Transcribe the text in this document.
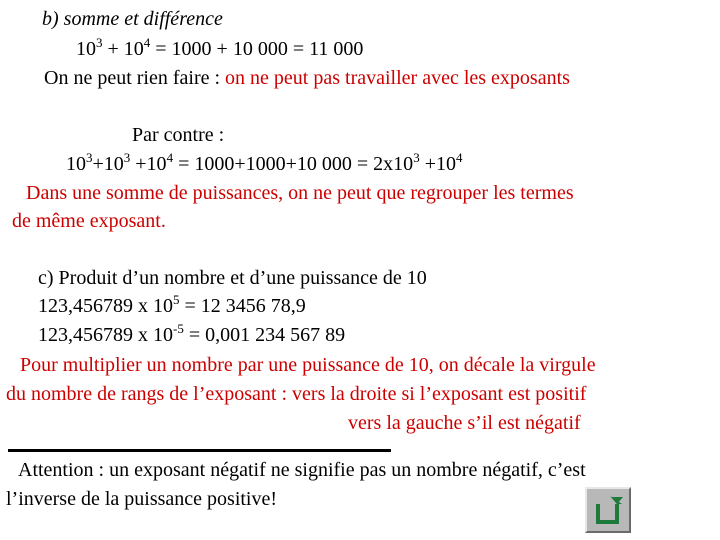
b) somme et différence
$10^3 + 10^4 = 1000 + 10$ 000 = 11 000
On ne peut rien faire : on ne peut pas travailler avec les exposants
Par contre :
$10^3+10^3 +10^4 = 1000+1000+10$ $000 = 2x10^3 +10^4$
Dans une somme de puissances, on ne peut que regrouper les termes
de même exposant.
c) Produit d’un nombre et d’une puissance de 10
123,456789 x $10^5 = 12$ 3456 78,9
123,456789 x $10^{-5} = 0,001$ 234 567 89
Pour multiplier un nombre par une puissance de 10, on décale la virgule
du nombre de rangs de l’exposant : vers la droite si l’exposant est positif
vers la gauche s’il est négatif
Attention : un exposant négatif ne signifie pas un nombre négatif, c’est
l’inverse de la puissance positive!
